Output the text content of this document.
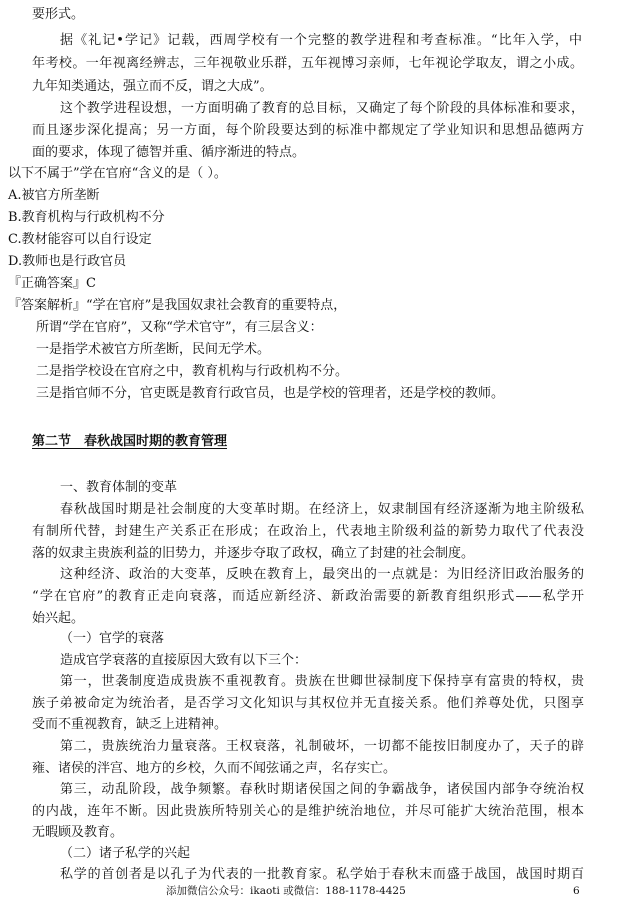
要形式。
据《礼记•学记》记载，西周学校有一个完整的教学进程和考查标准。“比年入学，中
年考校。一年视离经辨志，三年视敬业乐群，五年视博习亲师，七年视论学取友，谓之小成。
九年知类通达，强立而不反，谓之大成”。
这个教学进程设想，一方面明确了教育的总目标，又确定了每个阶段的具体标准和要求，
而且逐步深化提高；另一方面，每个阶段要达到的标准中都规定了学业知识和思想品德两方
面的要求，体现了德智并重、循序渐进的特点。
以下不属于”学在官府“含义的是（ ）。
A.被官方所垄断
B.教育机构与行政机构不分
C.教材能容可以自行设定
D.教师也是行政官员
『正确答案』C
『答案解析』“学在官府”是我国奴隶社会教育的重要特点，
所谓“学在官府”，又称“学术官守”，有三层含义：
一是指学术被官方所垄断，民间无学术。
二是指学校设在官府之中，教育机构与行政机构不分。
三是指官师不分，官吏既是教育行政官员，也是学校的管理者，还是学校的教师。
第二节　春秋战国时期的教育管理
一、教育体制的变革
春秋战国时期是社会制度的大变革时期。在经济上，奴隶制国有经济逐渐为地主阶级私
有制所代替，封建生产关系正在形成；在政治上，代表地主阶级利益的新势力取代了代表没
落的奴隶主贵族利益的旧势力，并逐步夺取了政权，确立了封建的社会制度。
这种经济、政治的大变革，反映在教育上，最突出的一点就是：为旧经济旧政治服务的
“学在官府”的教育正走向衰落，而适应新经济、新政治需要的新教育组织形式——私学开
始兴起。
（一）官学的衰落
造成官学衰落的直接原因大致有以下三个：
第一，世袭制度造成贵族不重视教育。贵族在世卿世禄制度下保持享有富贵的特权，贵
族子弟被命定为统治者，是否学习文化知识与其权位并无直接关系。他们养尊处优，只图享
受而不重视教育，缺乏上进精神。
第二，贵族统治力量衰落。王权衰落，礼制破坏，一切都不能按旧制度办了，天子的辟
雍、诸侯的泮宫、地方的乡校，久而不闻弦诵之声，名存实亡。
第三，动乱阶段，战争频繁。春秋时期诸侯国之间的争霸战争，诸侯国内部争夺统治权
的内战，连年不断。因此贵族所特别关心的是维护统治地位，并尽可能扩大统治范围，根本
无暇顾及教育。
（二）诸子私学的兴起
私学的首创者是以孔子为代表的一批教育家。私学始于春秋末而盛于战国，战国时期百
添加微信公众号：ikaoti 或微信：188-1178-4425	6
